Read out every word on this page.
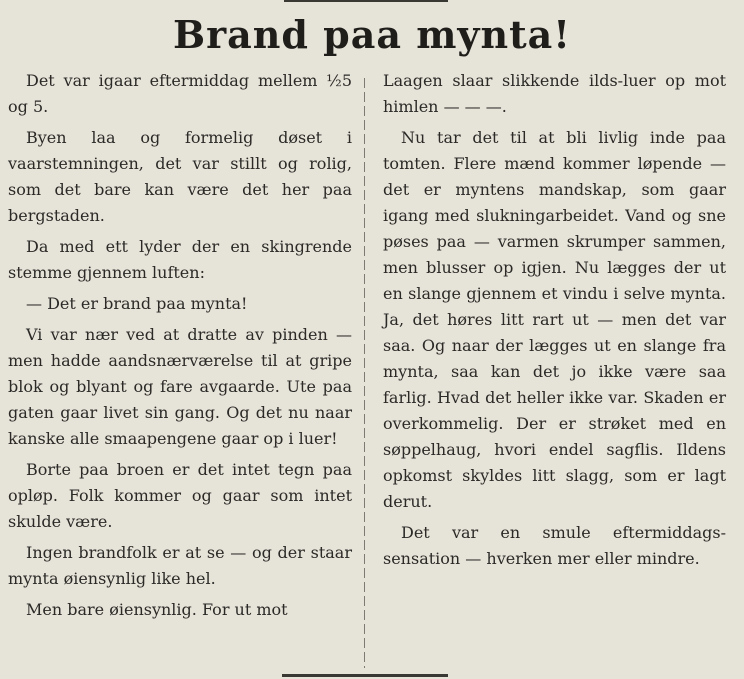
Brand paa mynta!

Det var igaar eftermiddag mellem ½5 og 5.

Byen laa og formelig døset i vaarstemningen, det var stillt og rolig, som det bare kan være det her paa bergstaden.

Da med ett lyder der en skingrende stemme gjennem luften:

— Det er brand paa mynta!

Vi var nær ved at dratte av pinden — men hadde aandsnærværelse til at gripe blok og blyant og fare avgaarde. Ute paa gaten gaar livet sin gang. Og det nu naar kanske alle smaapengene gaar op i luer!

Borte paa broen er det intet tegn paa opløp. Folk kommer og gaar som intet skulde være.

Ingen brandfolk er at se — og der staar mynta øiensynlig like hel.

Men bare øiensynlig. For ut mot

Laagen slaar slikkende ilds-luer op mot himlen — — —.

Nu tar det til at bli livlig inde paa tomten. Flere mænd kommer løpende — det er myntens mandskap, som gaar igang med slukningarbeidet. Vand og sne pøses paa — varmen skrumper sammen, men blusser op igjen. Nu lægges der ut en slange gjennem et vindu i selve mynta. Ja, det høres litt rart ut — men det var saa. Og naar der lægges ut en slange fra mynta, saa kan det jo ikke være saa farlig. Hvad det heller ikke var. Skaden er overkommelig. Der er strøket med en søppelhaug, hvori endel sagflis. Ildens opkomst skyldes litt slagg, som er lagt derut.

Det var en smule eftermiddags-sensation — hverken mer eller mindre.
